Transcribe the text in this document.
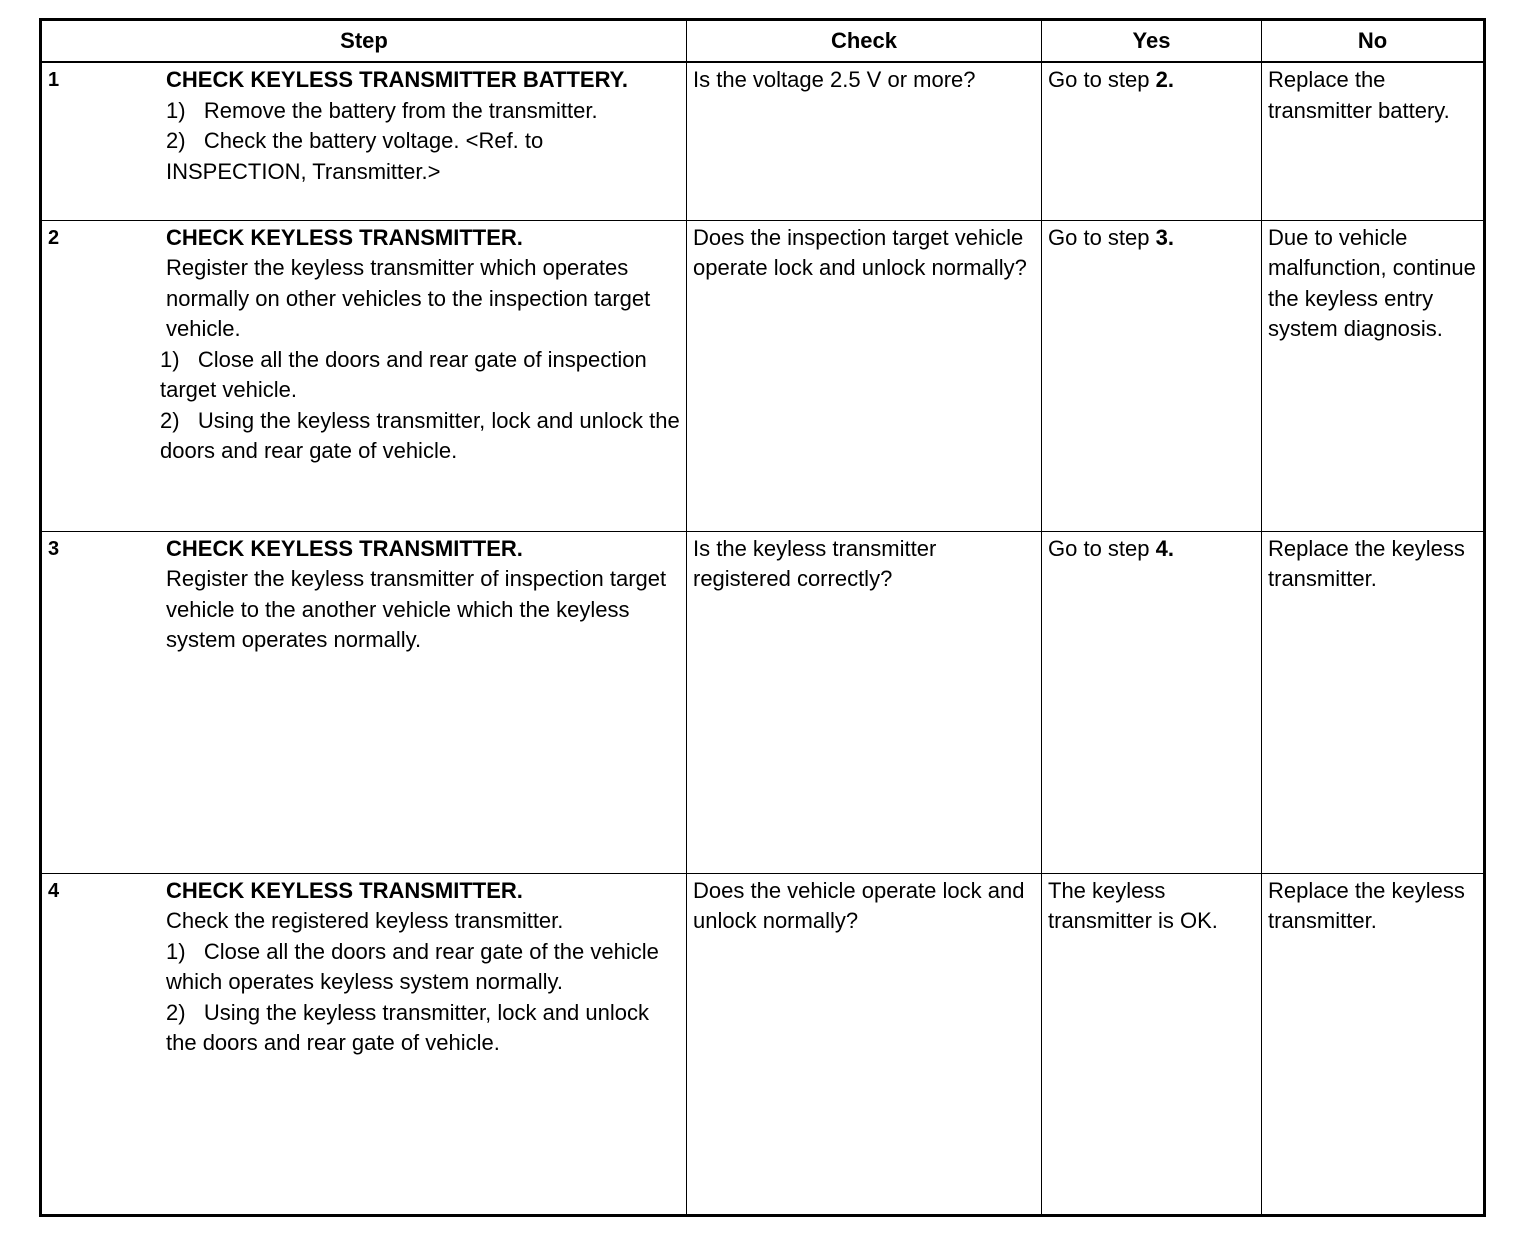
Step	Check	Yes	No

1 CHECK KEYLESS TRANSMITTER BATTERY.
1)   Remove the battery from the transmitter.
2)   Check the battery voltage. <Ref. to INSPECTION, Transmitter.>	Is the voltage 2.5 V or more?	Go to step 2.	Replace the transmitter battery.

2 CHECK KEYLESS TRANSMITTER.
Register the keyless transmitter which operates normally on other vehicles to the inspection target vehicle.
1)   Close all the doors and rear gate of inspection target vehicle.
2)   Using the keyless transmitter, lock and unlock the doors and rear gate of vehicle.	Does the inspection target vehicle operate lock and unlock normally?	Go to step 3.	Due to vehicle malfunction, continue the keyless entry system diagnosis.

3 CHECK KEYLESS TRANSMITTER.
Register the keyless transmitter of inspection target vehicle to the another vehicle which the keyless system operates normally.	Is the keyless transmitter registered correctly?	Go to step 4.	Replace the keyless transmitter.

4 CHECK KEYLESS TRANSMITTER.
Check the registered keyless transmitter.
1)   Close all the doors and rear gate of the vehicle which operates keyless system normally.
2)   Using the keyless transmitter, lock and unlock the doors and rear gate of vehicle.	Does the vehicle operate lock and unlock normally?	The keyless transmitter is OK.	Replace the keyless transmitter.
